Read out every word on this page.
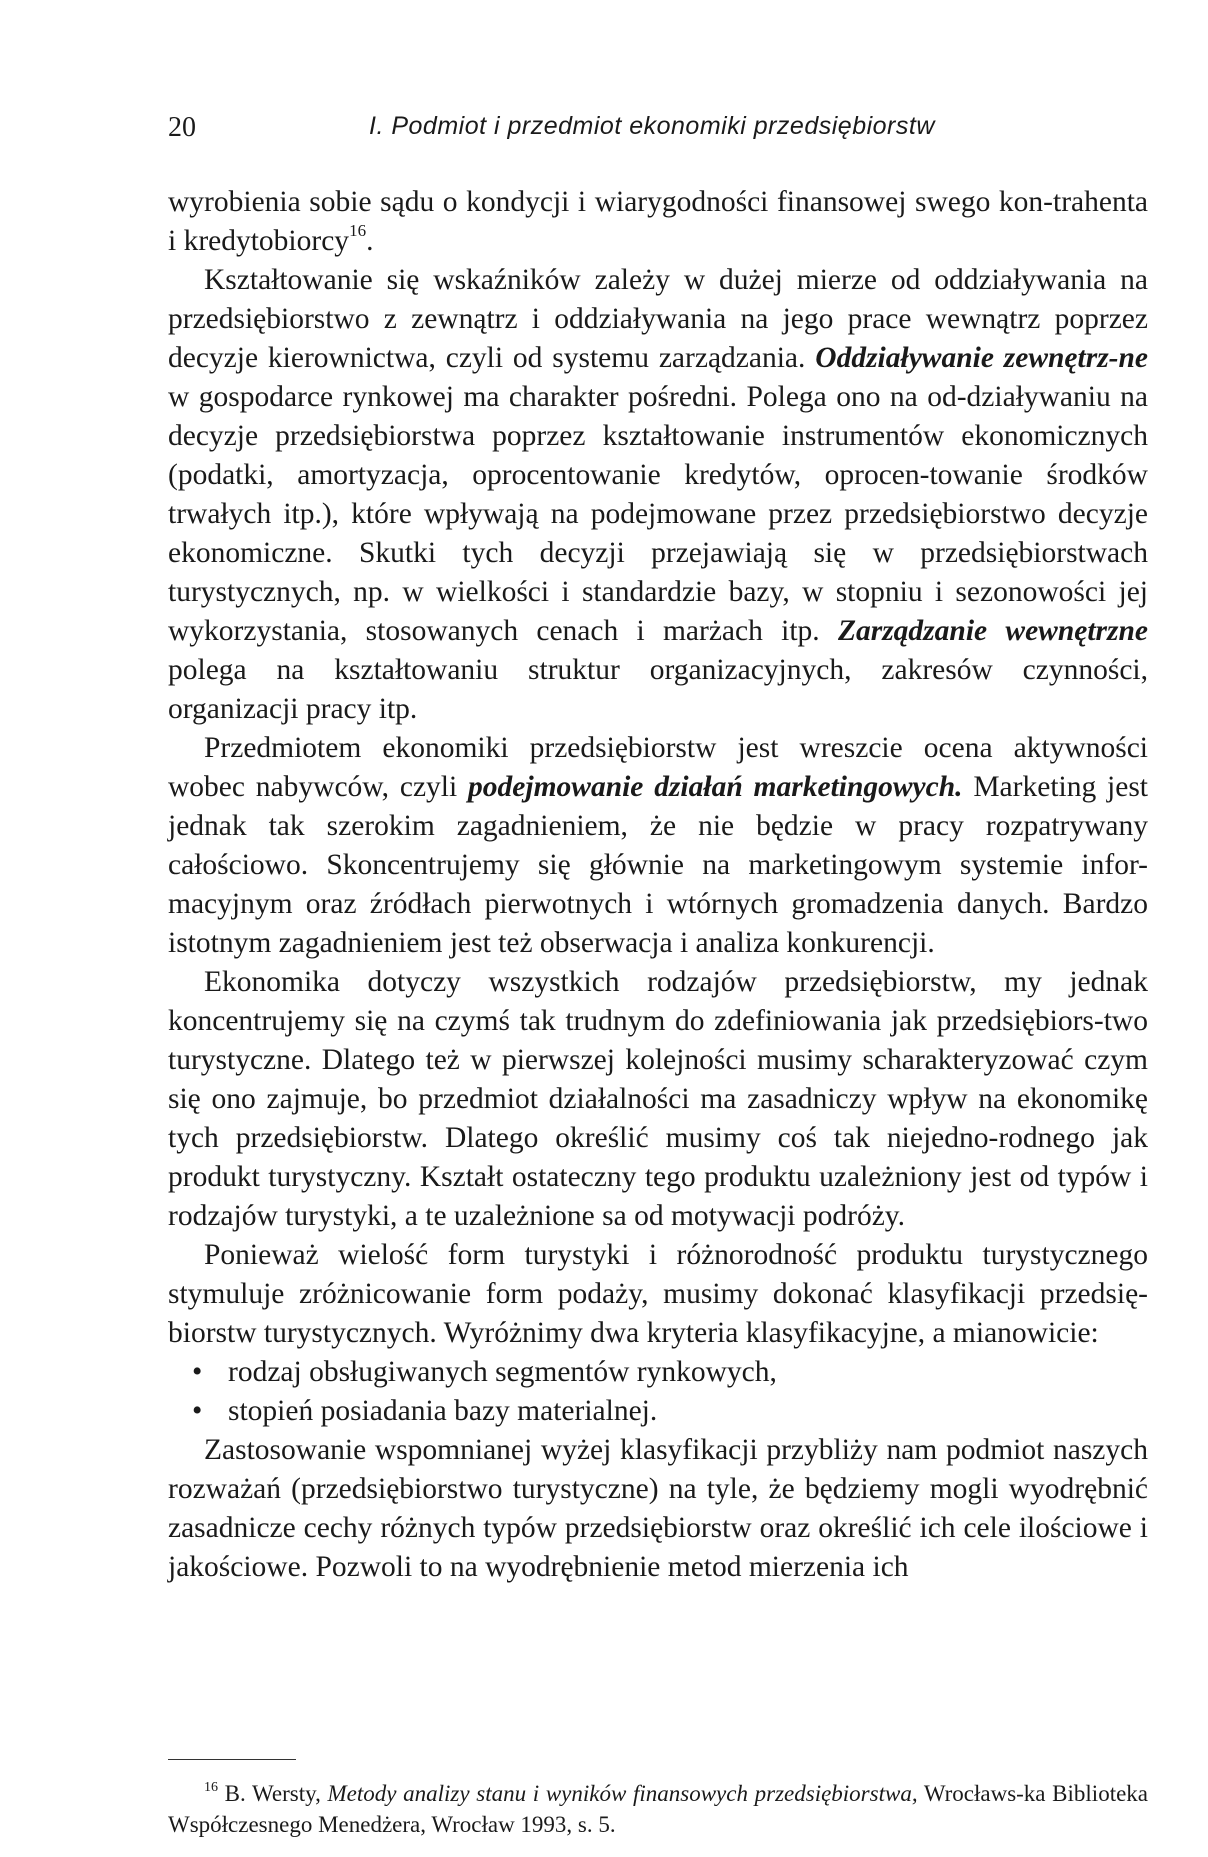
20	I. Podmiot i przedmiot ekonomiki przedsiębiorstw

wyrobienia sobie sądu o kondycji i wiarygodności finansowej swego kon-trahenta i kredytobiorcy$^{16}$.

Kształtowanie się wskaźników zależy w dużej mierze od oddziaływania na przedsiębiorstwo z zewnątrz i oddziaływania na jego prace wewnątrz poprzez decyzje kierownictwa, czyli od systemu zarządzania. Oddziaływanie zewnętrz-ne w gospodarce rynkowej ma charakter pośredni. Polega ono na od-działywaniu na decyzje przedsiębiorstwa poprzez kształtowanie instrumentów ekonomicznych (podatki, amortyzacja, oprocentowanie kredytów, oprocen-towanie środków trwałych itp.), które wpływają na podejmowane przez przedsiębiorstwo decyzje ekonomiczne. Skutki tych decyzji przejawiają się w przedsiębiorstwach turystycznych, np. w wielkości i standardzie bazy, w stopniu i sezonowości jej wykorzystania, stosowanych cenach i marżach itp. Zarządzanie wewnętrzne polega na kształtowaniu struktur organizacyjnych, zakresów czynności, organizacji pracy itp.

Przedmiotem ekonomiki przedsiębiorstw jest wreszcie ocena aktywności wobec nabywców, czyli podejmowanie działań marketingowych. Marketing jest jednak tak szerokim zagadnieniem, że nie będzie w pracy rozpatrywany całościowo. Skoncentrujemy się głównie na marketingowym systemie infor-macyjnym oraz źródłach pierwotnych i wtórnych gromadzenia danych. Bardzo istotnym zagadnieniem jest też obserwacja i analiza konkurencji.

Ekonomika dotyczy wszystkich rodzajów przedsiębiorstw, my jednak koncentrujemy się na czymś tak trudnym do zdefiniowania jak przedsiębiors-two turystyczne. Dlatego też w pierwszej kolejności musimy scharakteryzować czym się ono zajmuje, bo przedmiot działalności ma zasadniczy wpływ na ekonomikę tych przedsiębiorstw. Dlatego określić musimy coś tak niejedno-rodnego jak produkt turystyczny. Kształt ostateczny tego produktu uzależniony jest od typów i rodzajów turystyki, a te uzależnione sa od motywacji podróży.

Ponieważ wielość form turystyki i różnorodność produktu turystycznego stymuluje zróżnicowanie form podaży, musimy dokonać klasyfikacji przedsię-biorstw turystycznych. Wyróżnimy dwa kryteria klasyfikacyjne, a mianowicie:

• rodzaj obsługiwanych segmentów rynkowych,
• stopień posiadania bazy materialnej.

Zastosowanie wspomnianej wyżej klasyfikacji przybliży nam podmiot naszych rozważań (przedsiębiorstwo turystyczne) na tyle, że będziemy mogli wyodrębnić zasadnicze cechy różnych typów przedsiębiorstw oraz określić ich cele ilościowe i jakościowe. Pozwoli to na wyodrębnienie metod mierzenia ich

$^{16}$ B. Wersty, Metody analizy stanu i wyników finansowych przedsiębiorstwa, Wrocławs-ka Biblioteka Współczesnego Menedżera, Wrocław 1993, s. 5.
